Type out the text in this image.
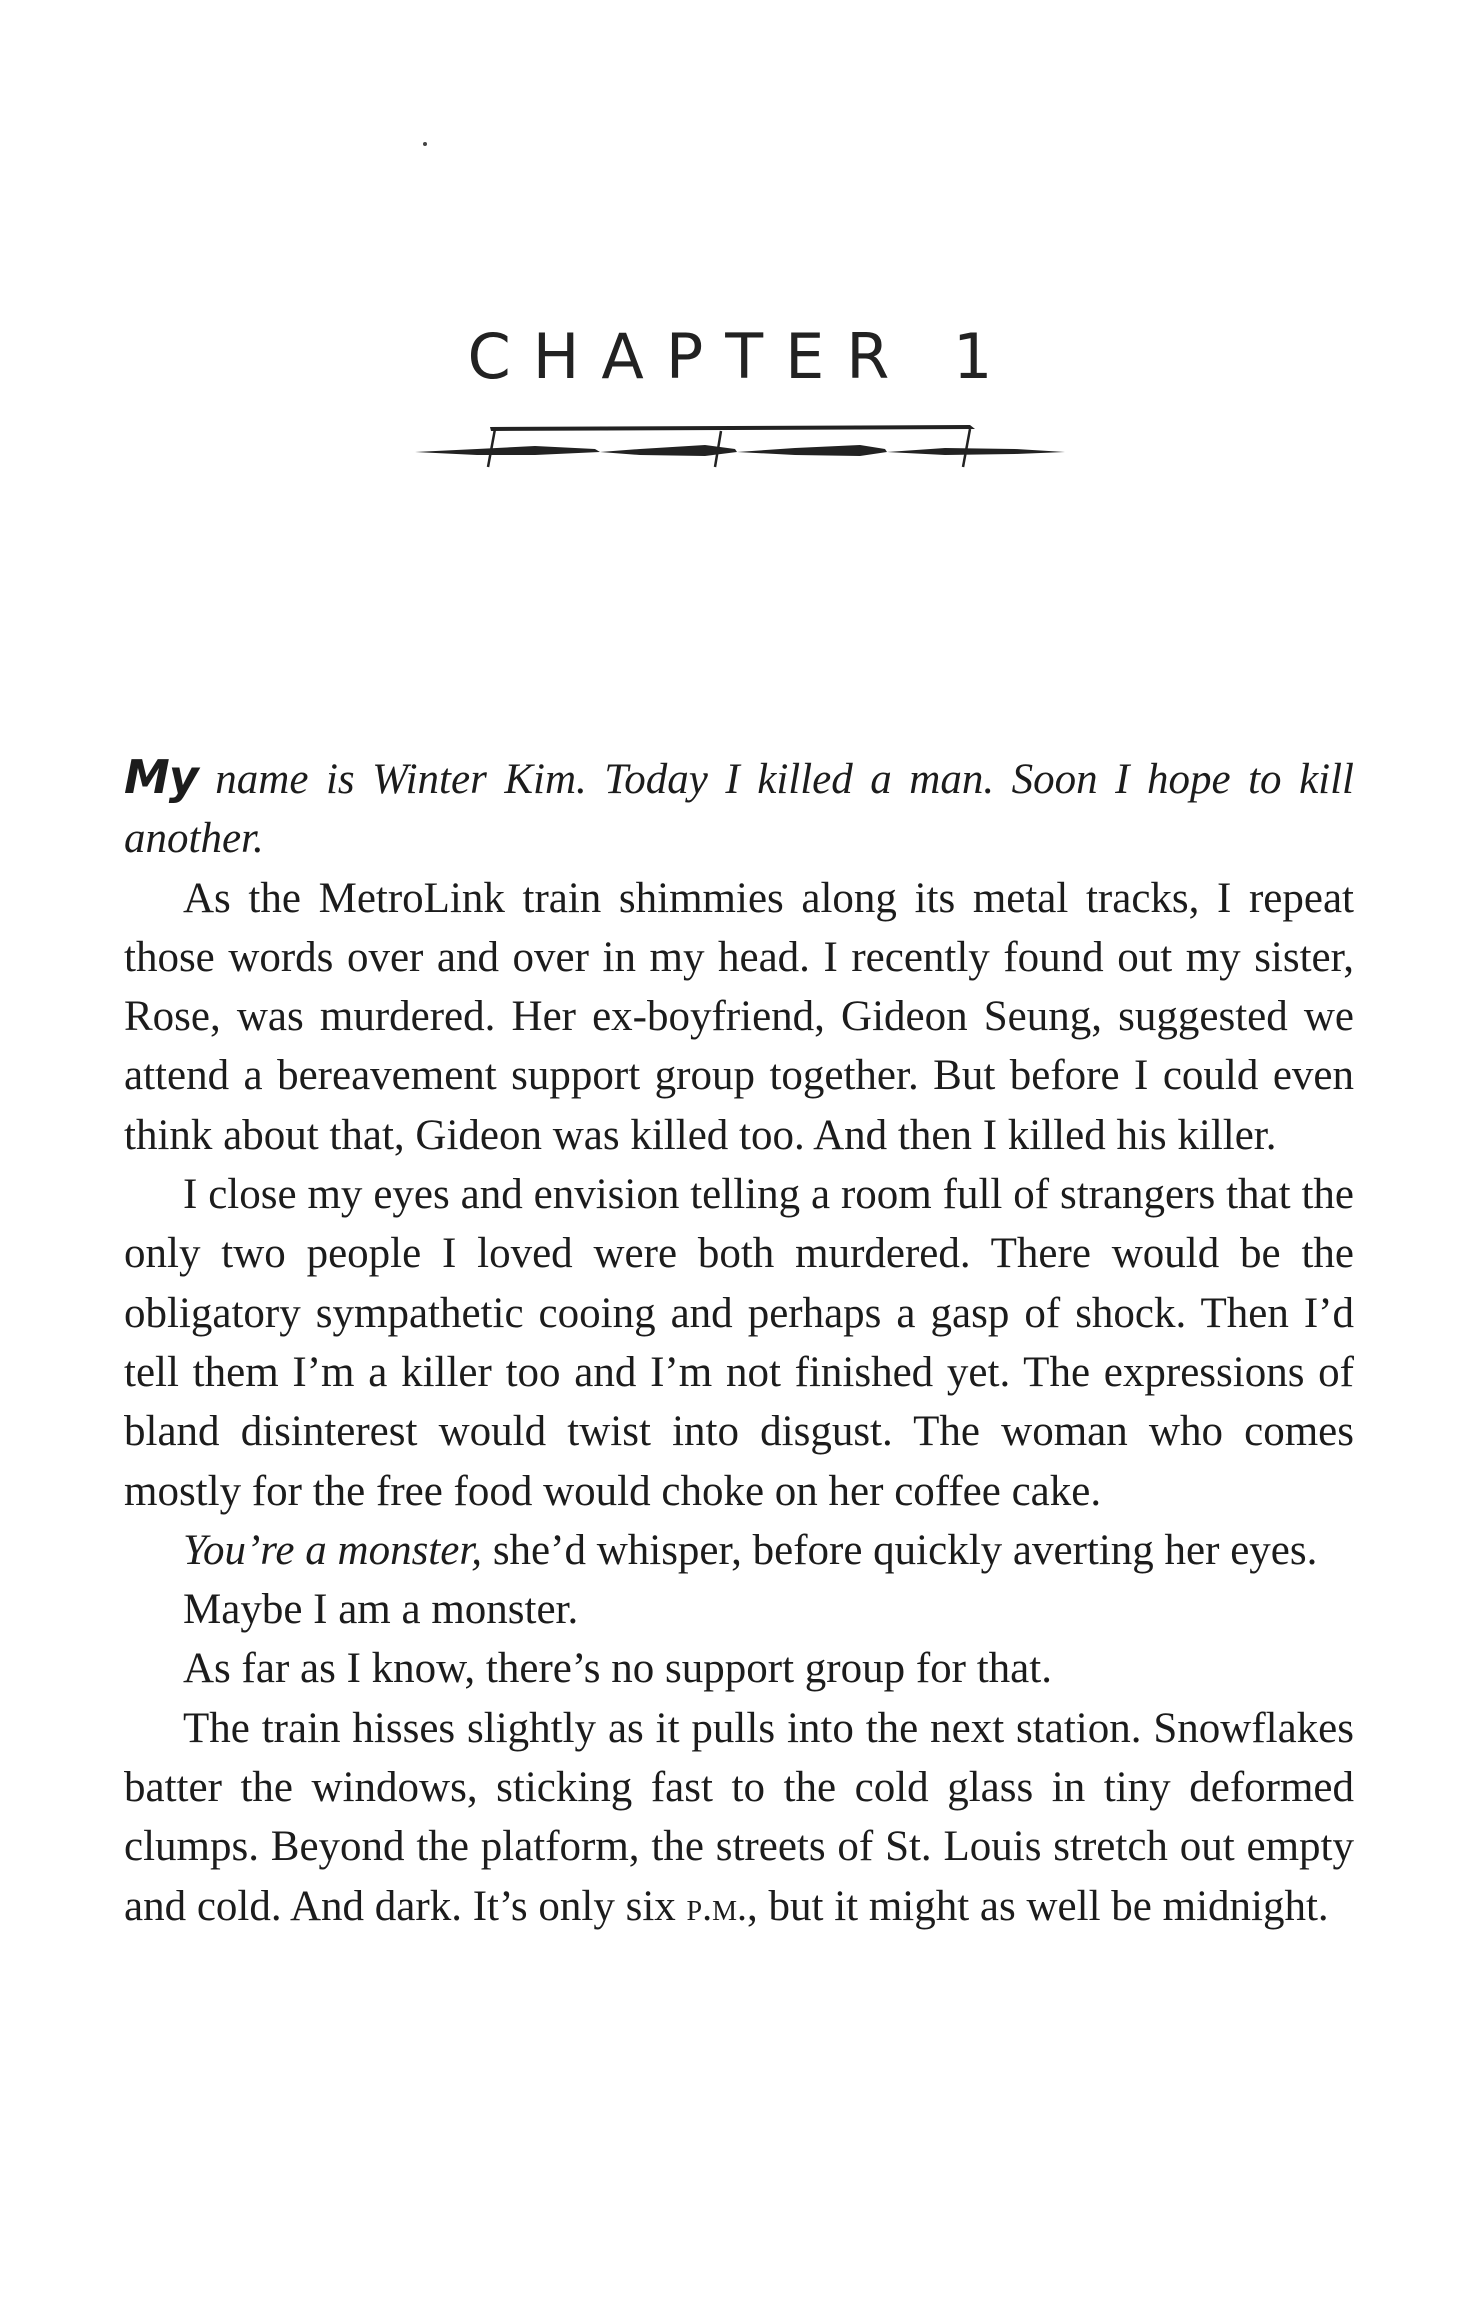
CHAPTER 1

My name is Winter Kim. Today I killed a man. Soon I hope to kill another.

As the MetroLink train shimmies along its metal tracks, I repeat those words over and over in my head. I recently found out my sister, Rose, was murdered. Her ex-boyfriend, Gideon Seung, suggested we attend a bereavement support group together. But before I could even think about that, Gideon was killed too. And then I killed his killer.

I close my eyes and envision telling a room full of strangers that the only two people I loved were both murdered. There would be the obligatory sympathetic cooing and perhaps a gasp of shock. Then I’d tell them I’m a killer too and I’m not finished yet. The expressions of bland disinterest would twist into disgust. The woman who comes mostly for the free food would choke on her coffee cake.

You’re a monster, she’d whisper, before quickly averting her eyes.

Maybe I am a monster.

As far as I know, there’s no support group for that.

The train hisses slightly as it pulls into the next station. Snowflakes batter the windows, sticking fast to the cold glass in tiny deformed clumps. Beyond the platform, the streets of St. Louis stretch out empty and cold. And dark. It’s only six p.m., but it might as well be midnight.
